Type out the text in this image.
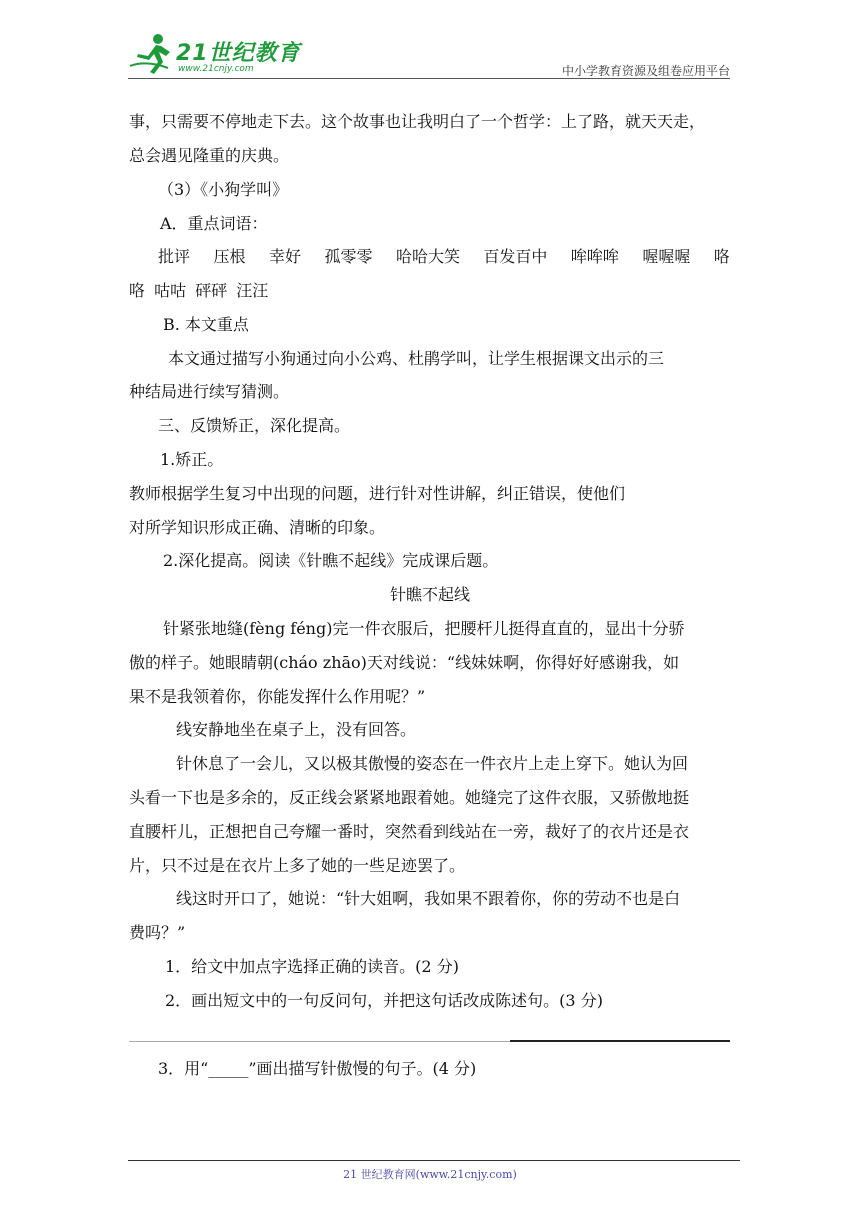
21世纪教育
www.21cnjy.com	中小学教育资源及组卷应用平台
事，只需要不停地走下去。这个故事也让我明白了一个哲学：上了路，就天天走，
总会遇见隆重的庆典。
（3）《小狗学叫》
A．重点词语：
批评 压根 幸好 孤零零 哈哈大笑 百发百中 哞哞哞 喔喔喔 咯
咯 咕咕 砰砰 汪汪
B. 本文重点
本文通过描写小狗通过向小公鸡、杜鹃学叫，让学生根据课文出示的三
种结局进行续写猜测。
三、反馈矫正，深化提高。
1.矫正。
教师根据学生复习中出现的问题，进行针对性讲解，纠正错误，使他们
对所学知识形成正确、清晰的印象。
2.深化提高。阅读《针瞧不起线》完成课后题。
针瞧不起线
针紧张地缝(fèng féng)完一件衣服后，把腰杆儿挺得直直的，显出十分骄
傲的样子。她眼睛朝(cháo zhāo)天对线说：“线妹妹啊，你得好好感谢我，如
果不是我领着你，你能发挥什么作用呢？”
线安静地坐在桌子上，没有回答。
针休息了一会儿，又以极其傲慢的姿态在一件衣片上走上穿下。她认为回
头看一下也是多余的，反正线会紧紧地跟着她。她缝完了这件衣服，又骄傲地挺
直腰杆儿，正想把自己夸耀一番时，突然看到线站在一旁，裁好了的衣片还是衣
片，只不过是在衣片上多了她的一些足迹罢了。
线这时开口了，她说：“针大姐啊，我如果不跟着你，你的劳动不也是白
费吗？”
1．给文中加点字选择正确的读音。(2 分)
2．画出短文中的一句反问句，并把这句话改成陈述句。(3 分)
3．用“_____”画出描写针傲慢的句子。(4 分)
21 世纪教育网(www.21cnjy.com)
